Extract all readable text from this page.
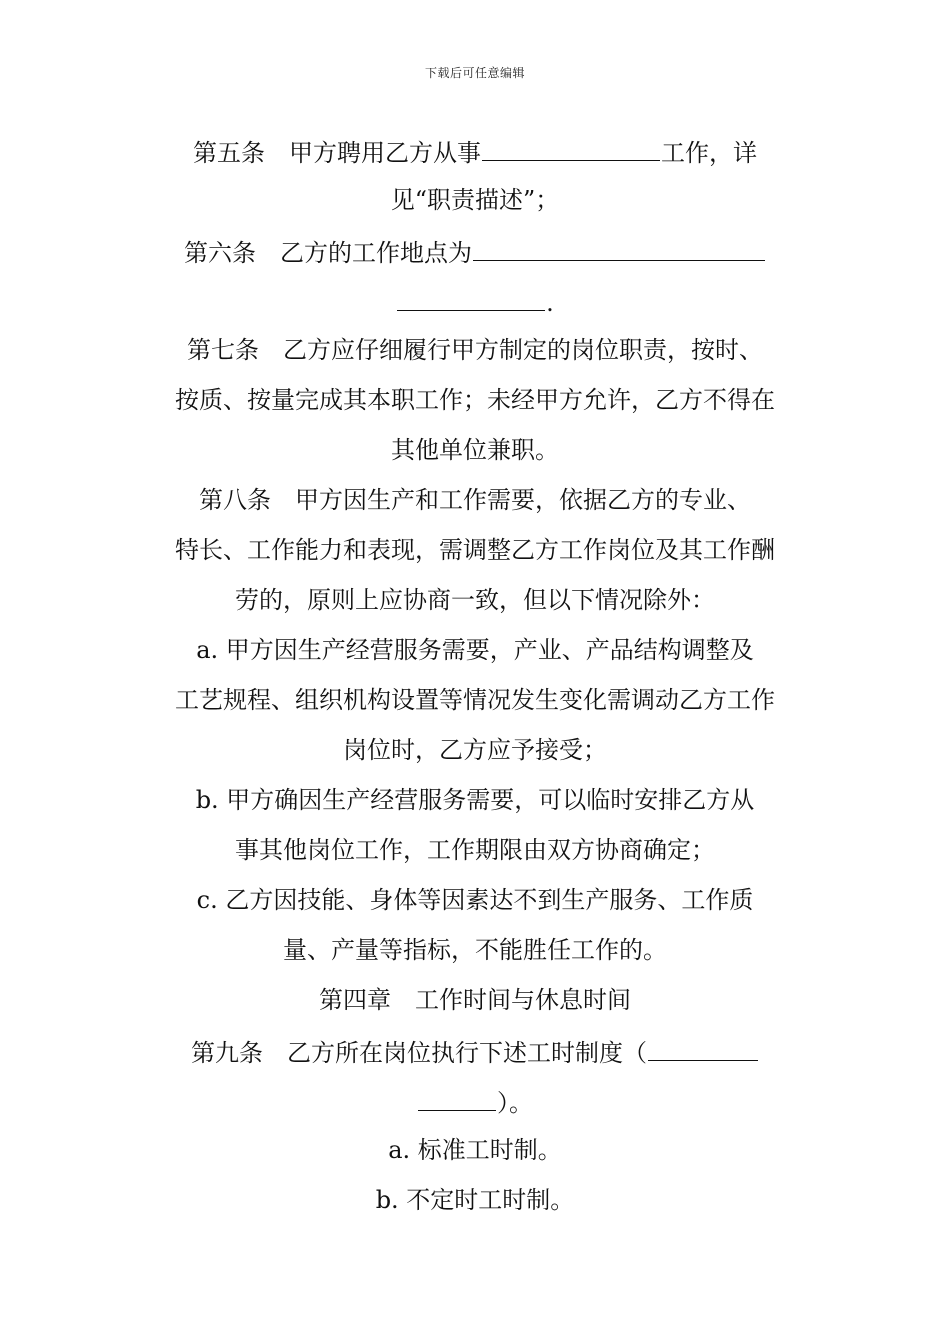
下载后可任意编辑
第五条　甲方聘用乙方从事	工作，详
见“职责描述”；
第六条　乙方的工作地点为
.
第七条　乙方应仔细履行甲方制定的岗位职责，按时、
按质、按量完成其本职工作；未经甲方允许，乙方不得在
其他单位兼职。
第八条　甲方因生产和工作需要，依据乙方的专业、
特长、工作能力和表现，需调整乙方工作岗位及其工作酬
劳的，原则上应协商一致，但以下情况除外：
a. 甲方因生产经营服务需要，产业、产品结构调整及
工艺规程、组织机构设置等情况发生变化需调动乙方工作
岗位时，乙方应予接受；
b. 甲方确因生产经营服务需要，可以临时安排乙方从
事其他岗位工作，工作期限由双方协商确定；
c. 乙方因技能、身体等因素达不到生产服务、工作质
量、产量等指标，不能胜任工作的。
第四章　工作时间与休息时间
第九条　乙方所在岗位执行下述工时制度（
）。
a. 标准工时制。
b. 不定时工时制。
